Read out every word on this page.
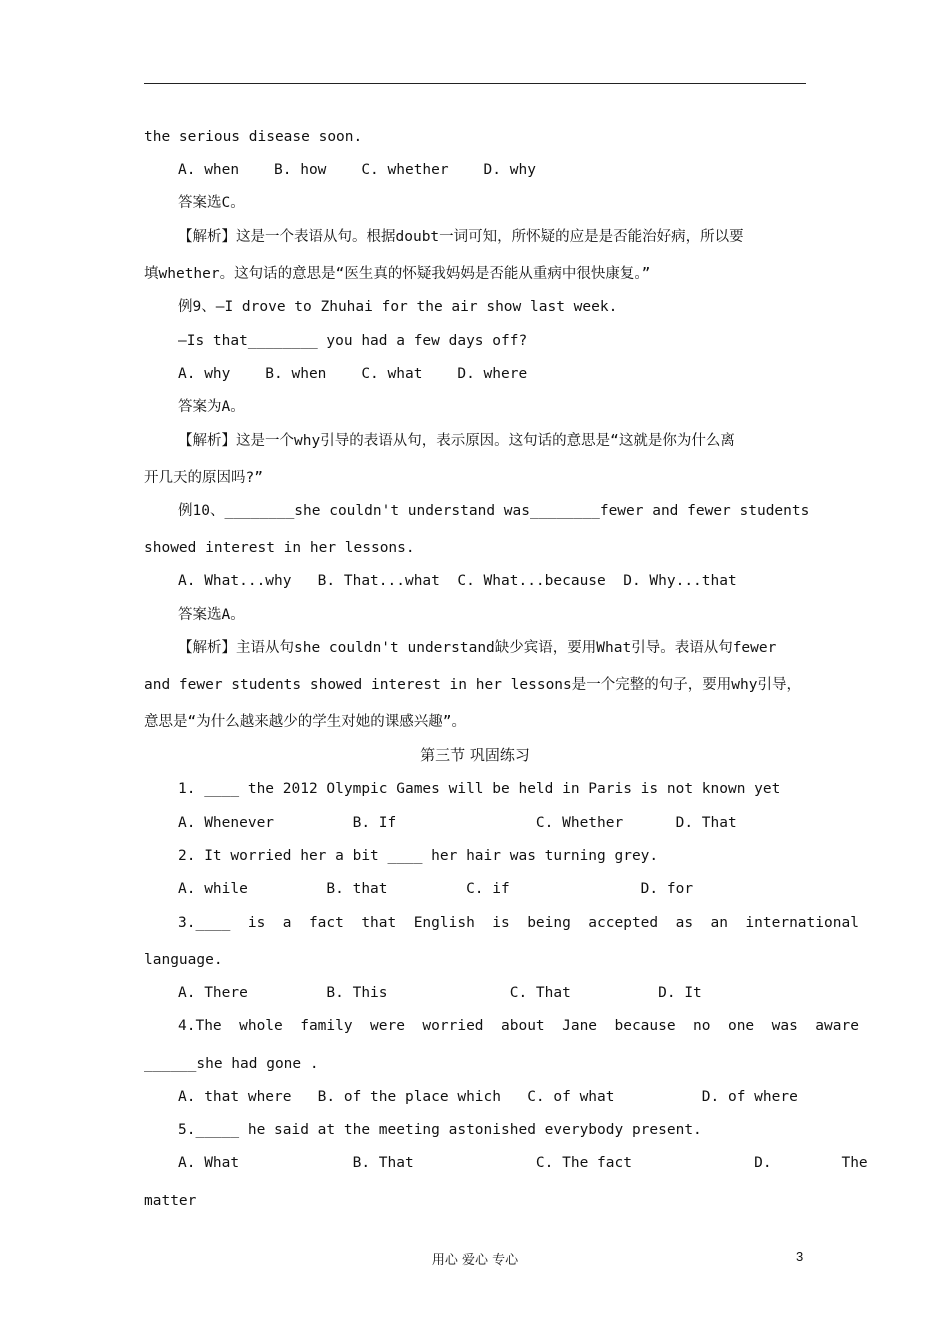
the serious disease soon.
A. when    B. how    C. whether    D. why
答案选C。
【解析】这是一个表语从句。根据doubt一词可知，所怀疑的应是是否能治好病，所以要
填whether。这句话的意思是“医生真的怀疑我妈妈是否能从重病中很快康复。”
例9、—I drove to Zhuhai for the air show last week.
—Is that________ you had a few days off?
A. why    B. when    C. what    D. where
答案为A。
【解析】这是一个why引导的表语从句，表示原因。这句话的意思是“这就是你为什么离
开几天的原因吗?”
例10、________she couldn't understand was________fewer and fewer students
showed interest in her lessons.
A. What...why   B. That...what  C. What...because  D. Why...that
答案选A。
【解析】主语从句she couldn't understand缺少宾语，要用What引导。表语从句fewer
and fewer students showed interest in her lessons是一个完整的句子，要用why引导，
意思是“为什么越来越少的学生对她的课感兴趣”。
第三节 巩固练习
1. ____ the 2012 Olympic Games will be held in Paris is not known yet
A. Whenever         B. If                C. Whether      D. That
2. It worried her a bit ____ her hair was turning grey.
A. while         B. that         C. if               D. for
3.____  is  a  fact  that  English  is  being  accepted  as  an  international
language.
A. There         B. This              C. That          D. It
4.The  whole  family  were  worried  about  Jane  because  no  one  was  aware
______she had gone .
A. that where   B. of the place which   C. of what          D. of where
5._____ he said at the meeting astonished everybody present.
A. What             B. That              C. The fact              D.        The
matter
用心 爱心 专心	3
